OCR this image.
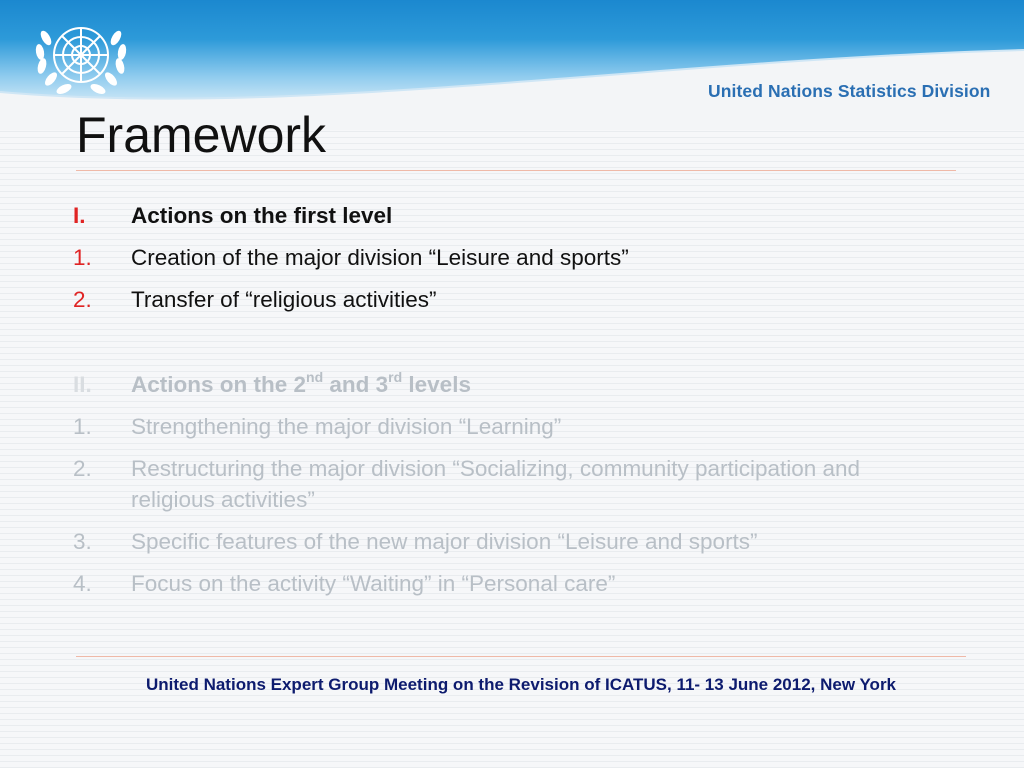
United Nations Statistics Division
Framework
I. Actions on the first level
1. Creation of the major division “Leisure and sports”
2. Transfer of “religious activities”
II. Actions on the 2nd and 3rd levels
1. Strengthening the major division “Learning”
2. Restructuring the major division “Socializing, community participation and religious activities”
3. Specific features of the new major division “Leisure and sports”
4. Focus on the activity “Waiting” in “Personal care”
United Nations Expert Group Meeting on the Revision of ICATUS, 11- 13 June 2012, New York
